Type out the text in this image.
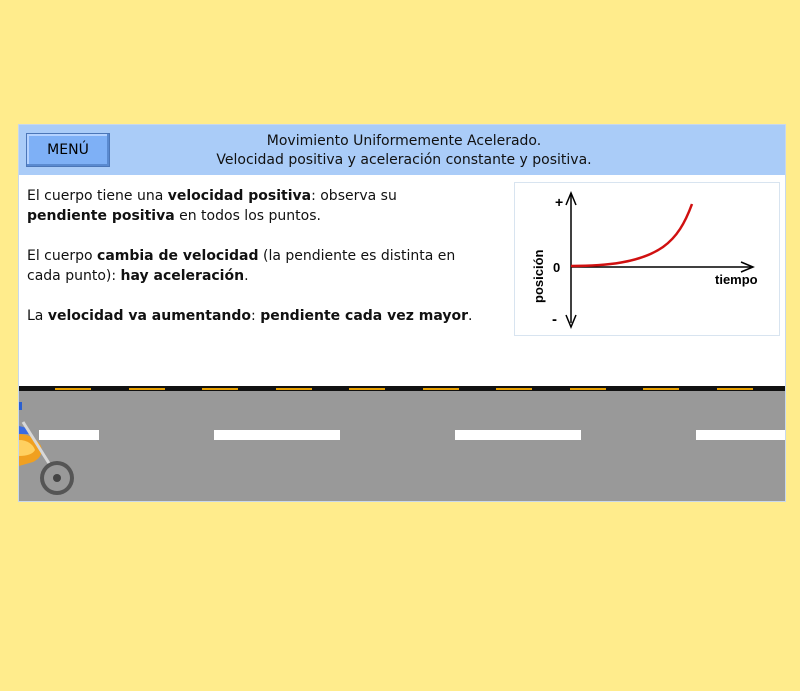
MENÚ
Movimiento Uniformemente Acelerado.
Velocidad positiva y aceleración constante y positiva.
El cuerpo tiene una velocidad positiva: observa su
pendiente positiva en todos los puntos.
El cuerpo cambia de velocidad (la pendiente es distinta en
cada punto): hay aceleración.
La velocidad va aumentando: pendiente cada vez mayor.
+
0
-
posición	tiempo
